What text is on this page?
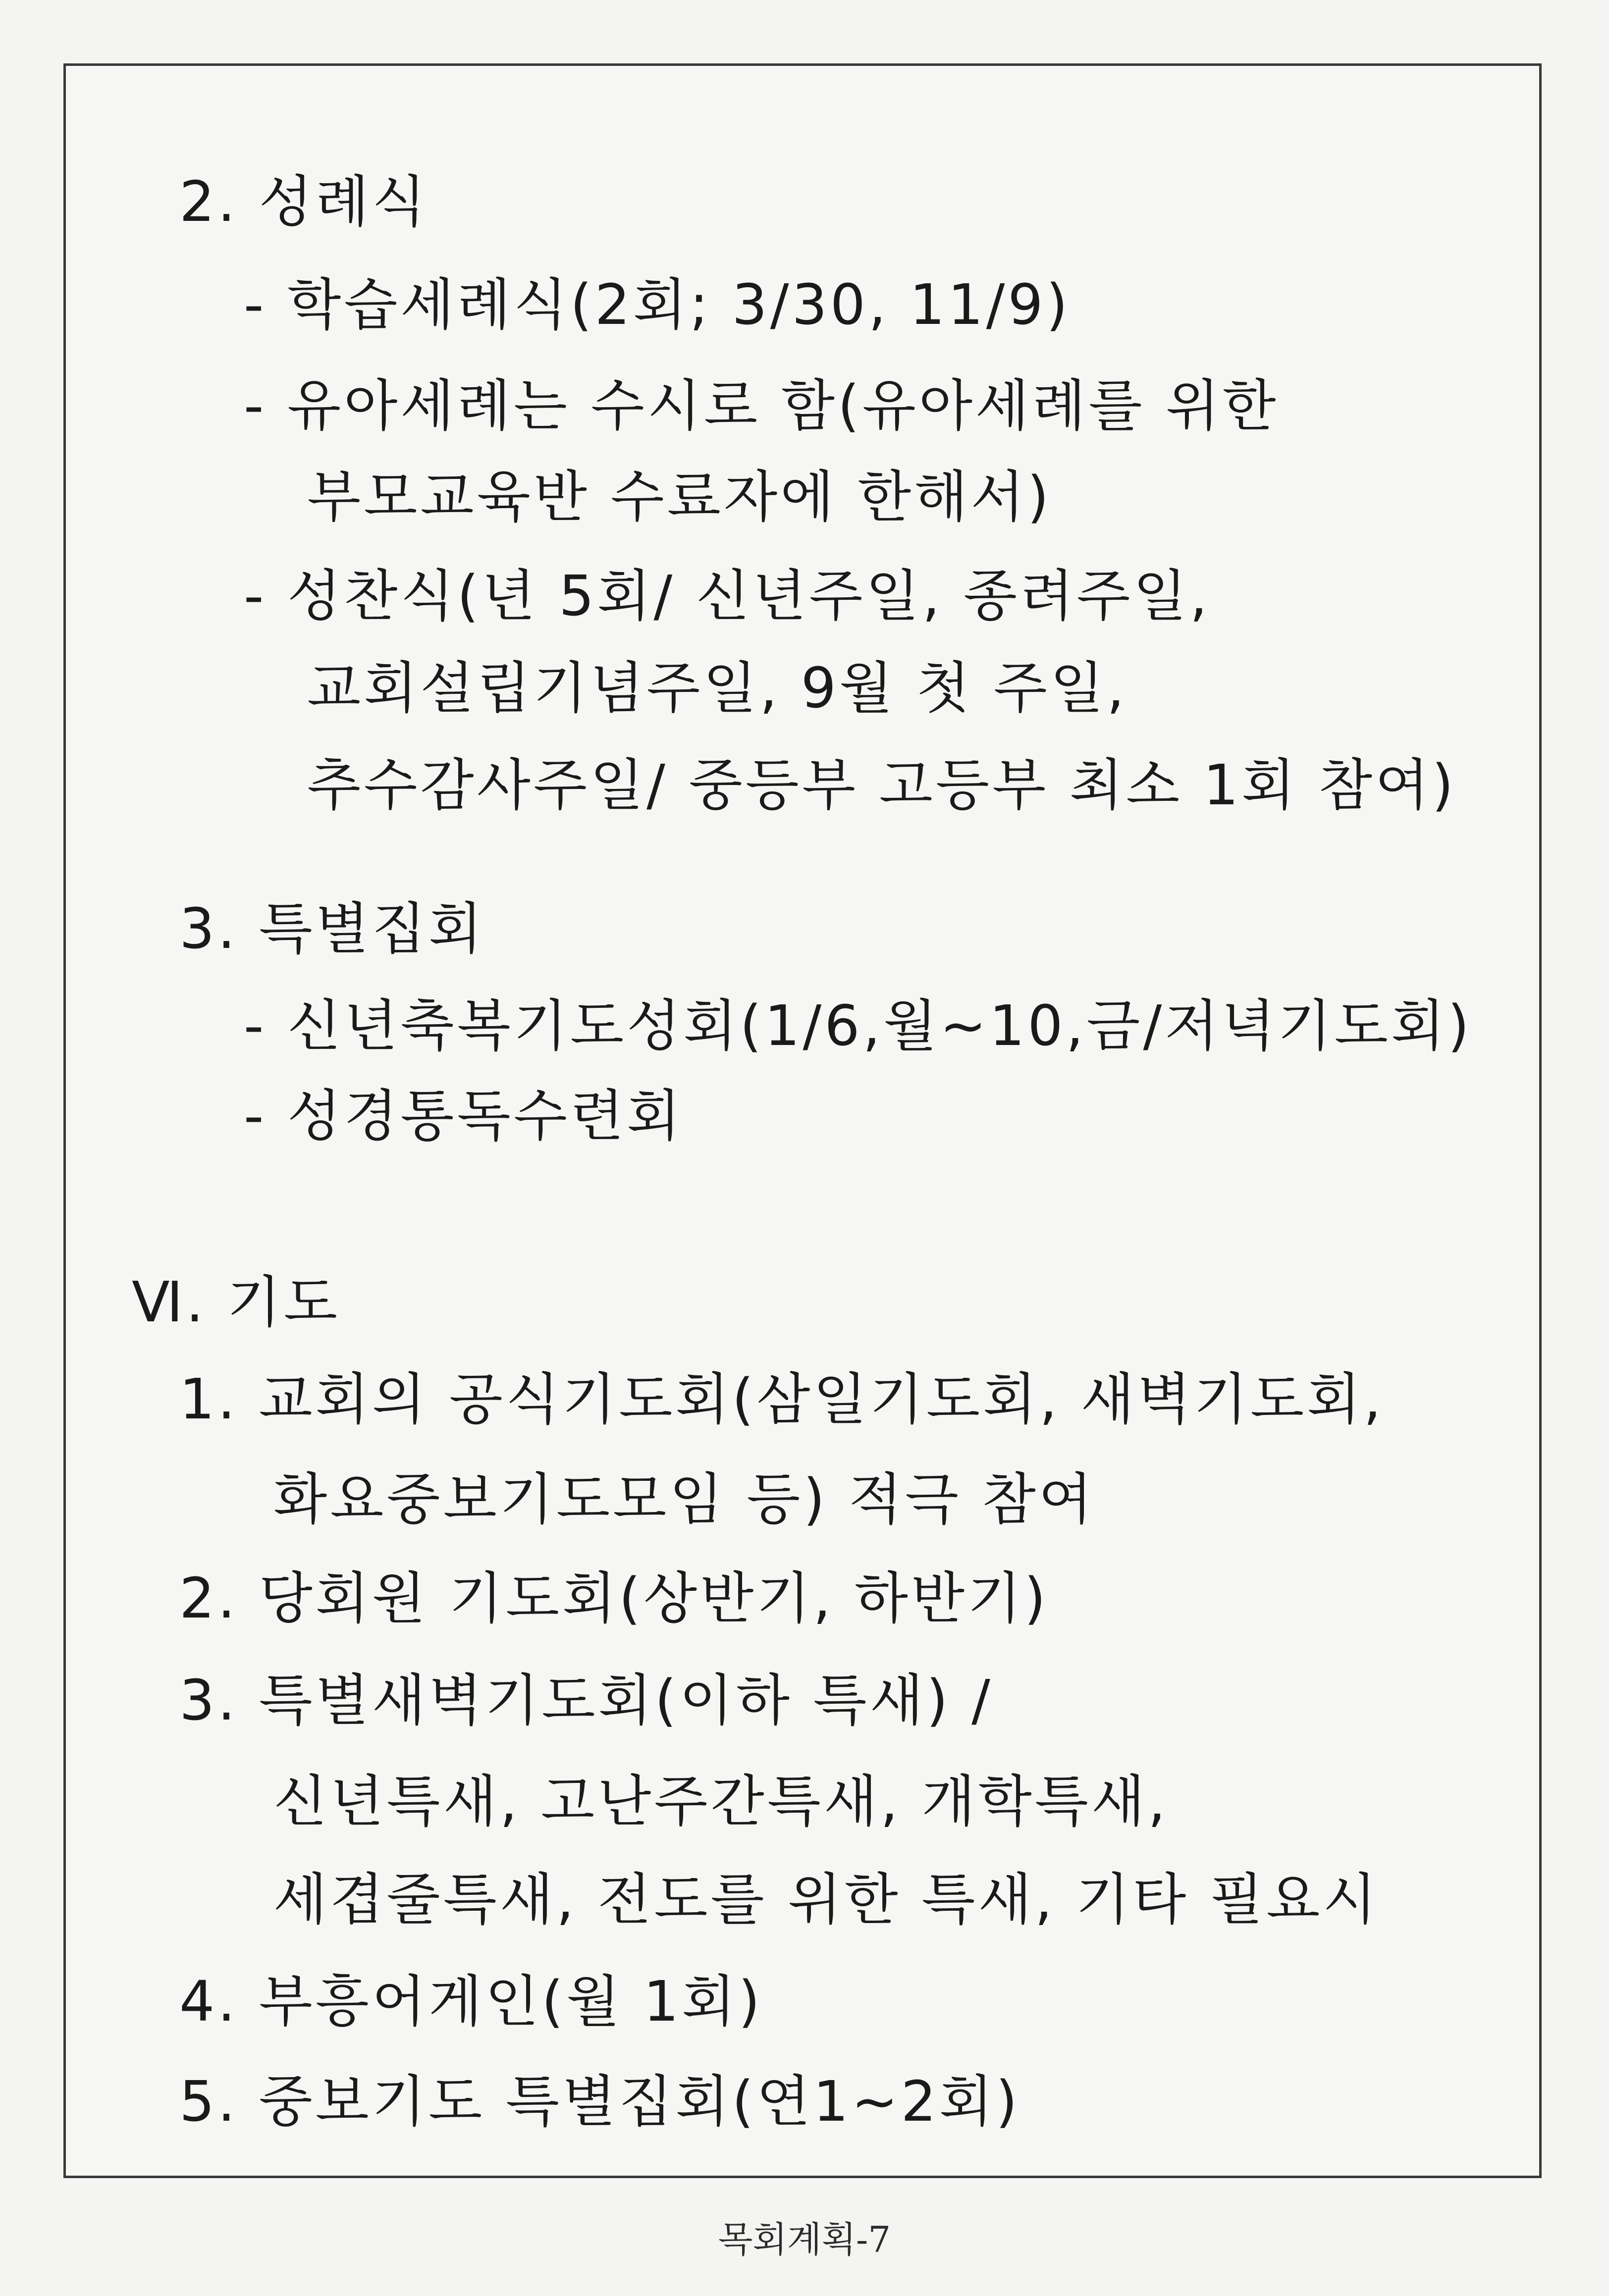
2. 성례식
- 학습세례식(2회; 3/30, 11/9)
- 유아세례는 수시로 함(유아세례를 위한
부모교육반 수료자에 한해서)
- 성찬식(년 5회/ 신년주일, 종려주일,
교회설립기념주일, 9월 첫 주일,
추수감사주일/ 중등부 고등부 최소 1회 참여)
3. 특별집회
- 신년축복기도성회(1/6,월~10,금/저녁기도회)
- 성경통독수련회
Ⅵ. 기도
1. 교회의 공식기도회(삼일기도회, 새벽기도회,
화요중보기도모임 등) 적극 참여
2. 당회원 기도회(상반기, 하반기)
3. 특별새벽기도회(이하 특새) /
신년특새, 고난주간특새, 개학특새,
세겹줄특새, 전도를 위한 특새, 기타 필요시
4. 부흥어게인(월 1회)
5. 중보기도 특별집회(연1~2회)
목회계획-7
